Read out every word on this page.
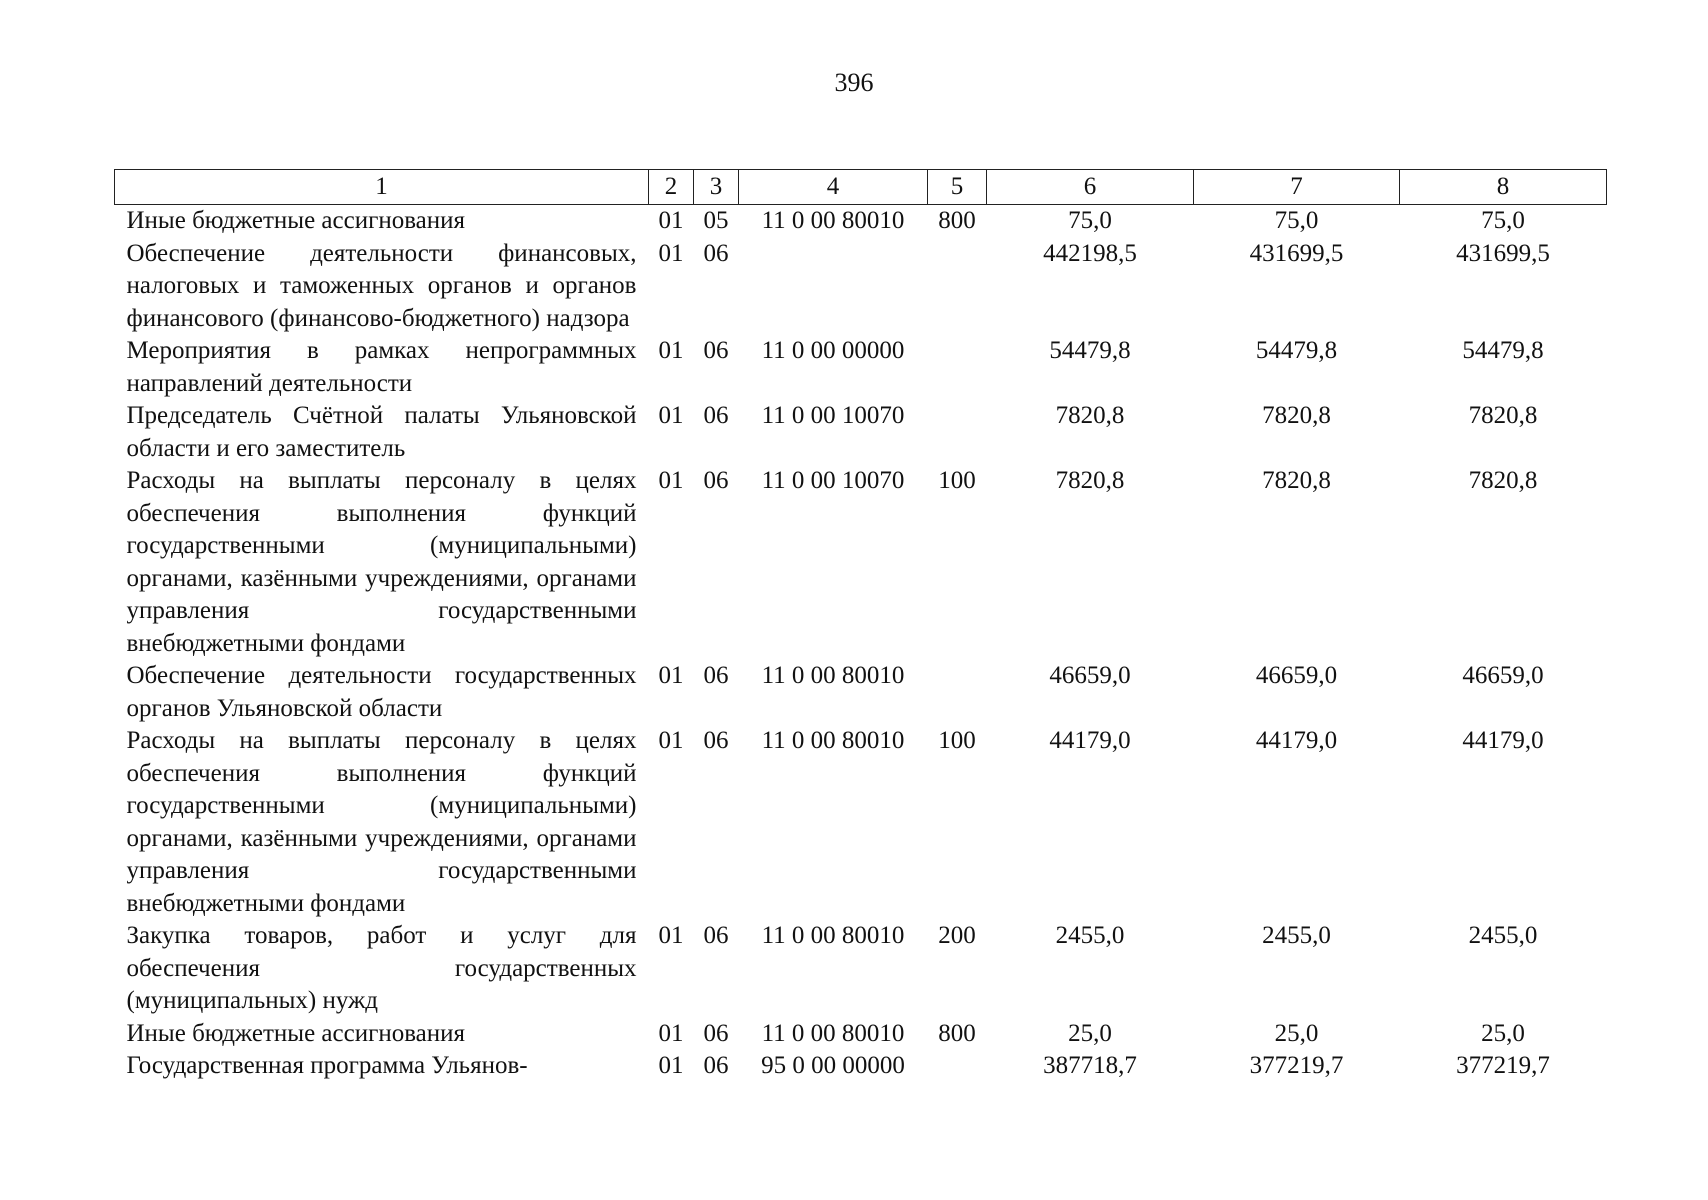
396
1	2	3	4	5	6	7	8
Иные бюджетные ассигнования	01	05	11 0 00 80010	800	75,0	75,0	75,0
Обеспечение деятельности финансовых, налоговых и таможенных органов и органов финансового (финансово-бюджетного) надзора	01	06			442198,5	431699,5	431699,5
Мероприятия в рамках непрограммных направлений деятельности	01	06	11 0 00 00000		54479,8	54479,8	54479,8
Председатель Счётной палаты Ульяновской области и его заместитель	01	06	11 0 00 10070		7820,8	7820,8	7820,8
Расходы на выплаты персоналу в целях обеспечения выполнения функций государственными (муниципальными) органами, казёнными учреждениями, органами управления государственными внебюджетными фондами	01	06	11 0 00 10070	100	7820,8	7820,8	7820,8
Обеспечение деятельности государственных органов Ульяновской области	01	06	11 0 00 80010		46659,0	46659,0	46659,0
Расходы на выплаты персоналу в целях обеспечения выполнения функций государственными (муниципальными) органами, казёнными учреждениями, органами управления государственными внебюджетными фондами	01	06	11 0 00 80010	100	44179,0	44179,0	44179,0
Закупка товаров, работ и услуг для обеспечения государственных (муниципальных) нужд	01	06	11 0 00 80010	200	2455,0	2455,0	2455,0
Иные бюджетные ассигнования	01	06	11 0 00 80010	800	25,0	25,0	25,0
Государственная программа Ульянов-	01	06	95 0 00 00000		387718,7	377219,7	377219,7
